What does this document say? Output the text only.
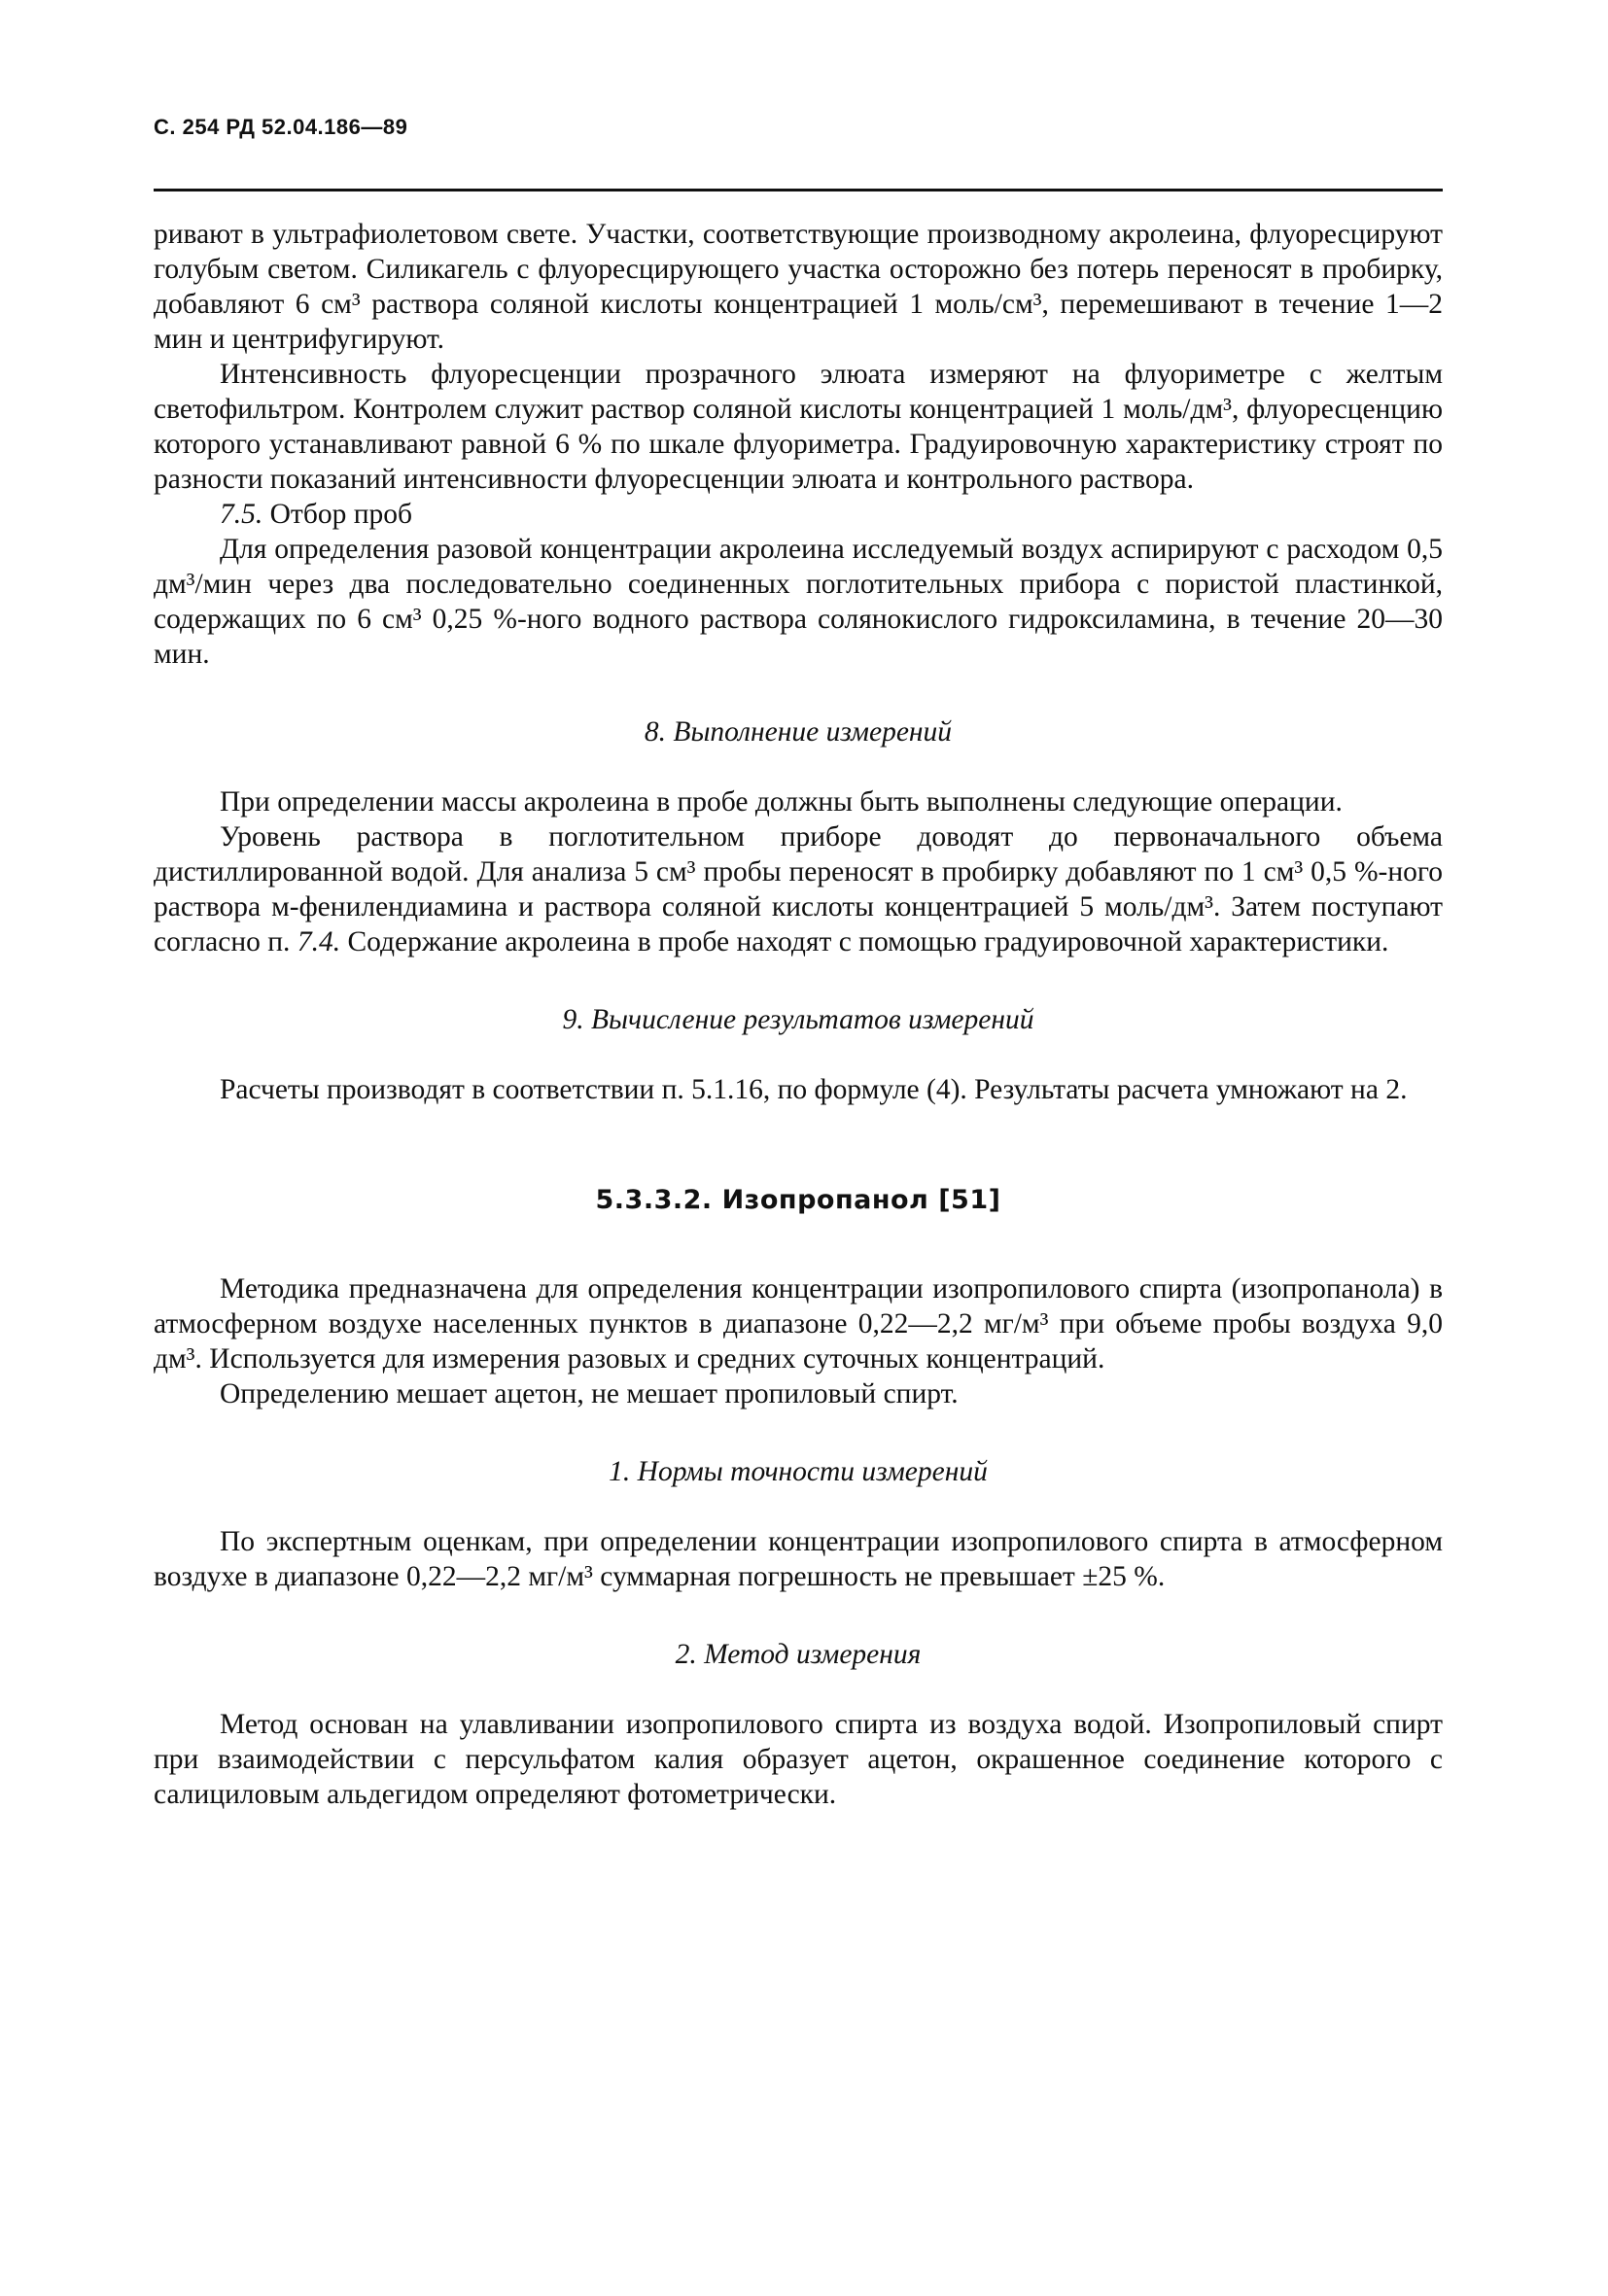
С. 254 РД 52.04.186—89

ривают в ультрафиолетовом свете. Участки, соответствующие производному акролеина, флуоресцируют голубым светом. Силикагель с флуоресцирующего участка осторожно без потерь переносят в пробирку, добавляют 6 см³ раствора соляной кислоты концентрацией 1 моль/см³, перемешивают в течение 1—2 мин и центрифугируют.

Интенсивность флуоресценции прозрачного элюата измеряют на флуориметре с желтым светофильтром. Контролем служит раствор соляной кислоты концентрацией 1 моль/дм³, флуоресценцию которого устанавливают равной 6 % по шкале флуориметра. Градуировочную характеристику строят по разности показаний интенсивности флуоресценции элюата и контрольного раствора.

7.5. Отбор проб

Для определения разовой концентрации акролеина исследуемый воздух аспирируют с расходом 0,5 дм³/мин через два последовательно соединенных поглотительных прибора с пористой пластинкой, содержащих по 6 см³ 0,25 %-ного водного раствора солянокислого гидроксиламина, в течение 20—30 мин.

8. Выполнение измерений

При определении массы акролеина в пробе должны быть выполнены следующие операции.

Уровень раствора в поглотительном приборе доводят до первоначального объема дистиллированной водой. Для анализа 5 см³ пробы переносят в пробирку добавляют по 1 см³ 0,5 %-ного раствора м-фенилендиамина и раствора соляной кислоты концентрацией 5 моль/дм³. Затем поступают согласно п. 7.4. Содержание акролеина в пробе находят с помощью градуировочной характеристики.

9. Вычисление результатов измерений

Расчеты производят в соответствии п. 5.1.16, по формуле (4). Результаты расчета умножают на 2.

5.3.3.2. Изопропанол [51]

Методика предназначена для определения концентрации изопропилового спирта (изопропанола) в атмосферном воздухе населенных пунктов в диапазоне 0,22—2,2 мг/м³ при объеме пробы воздуха 9,0 дм³. Используется для измерения разовых и средних суточных концентраций.

Определению мешает ацетон, не мешает пропиловый спирт.

1. Нормы точности измерений

По экспертным оценкам, при определении концентрации изопропилового спирта в атмосферном воздухе в диапазоне 0,22—2,2 мг/м³ суммарная погрешность не превышает ±25 %.

2. Метод измерения

Метод основан на улавливании изопропилового спирта из воздуха водой. Изопропиловый спирт при взаимодействии с персульфатом калия образует ацетон, окрашенное соединение которого с салициловым альдегидом определяют фотометрически.
